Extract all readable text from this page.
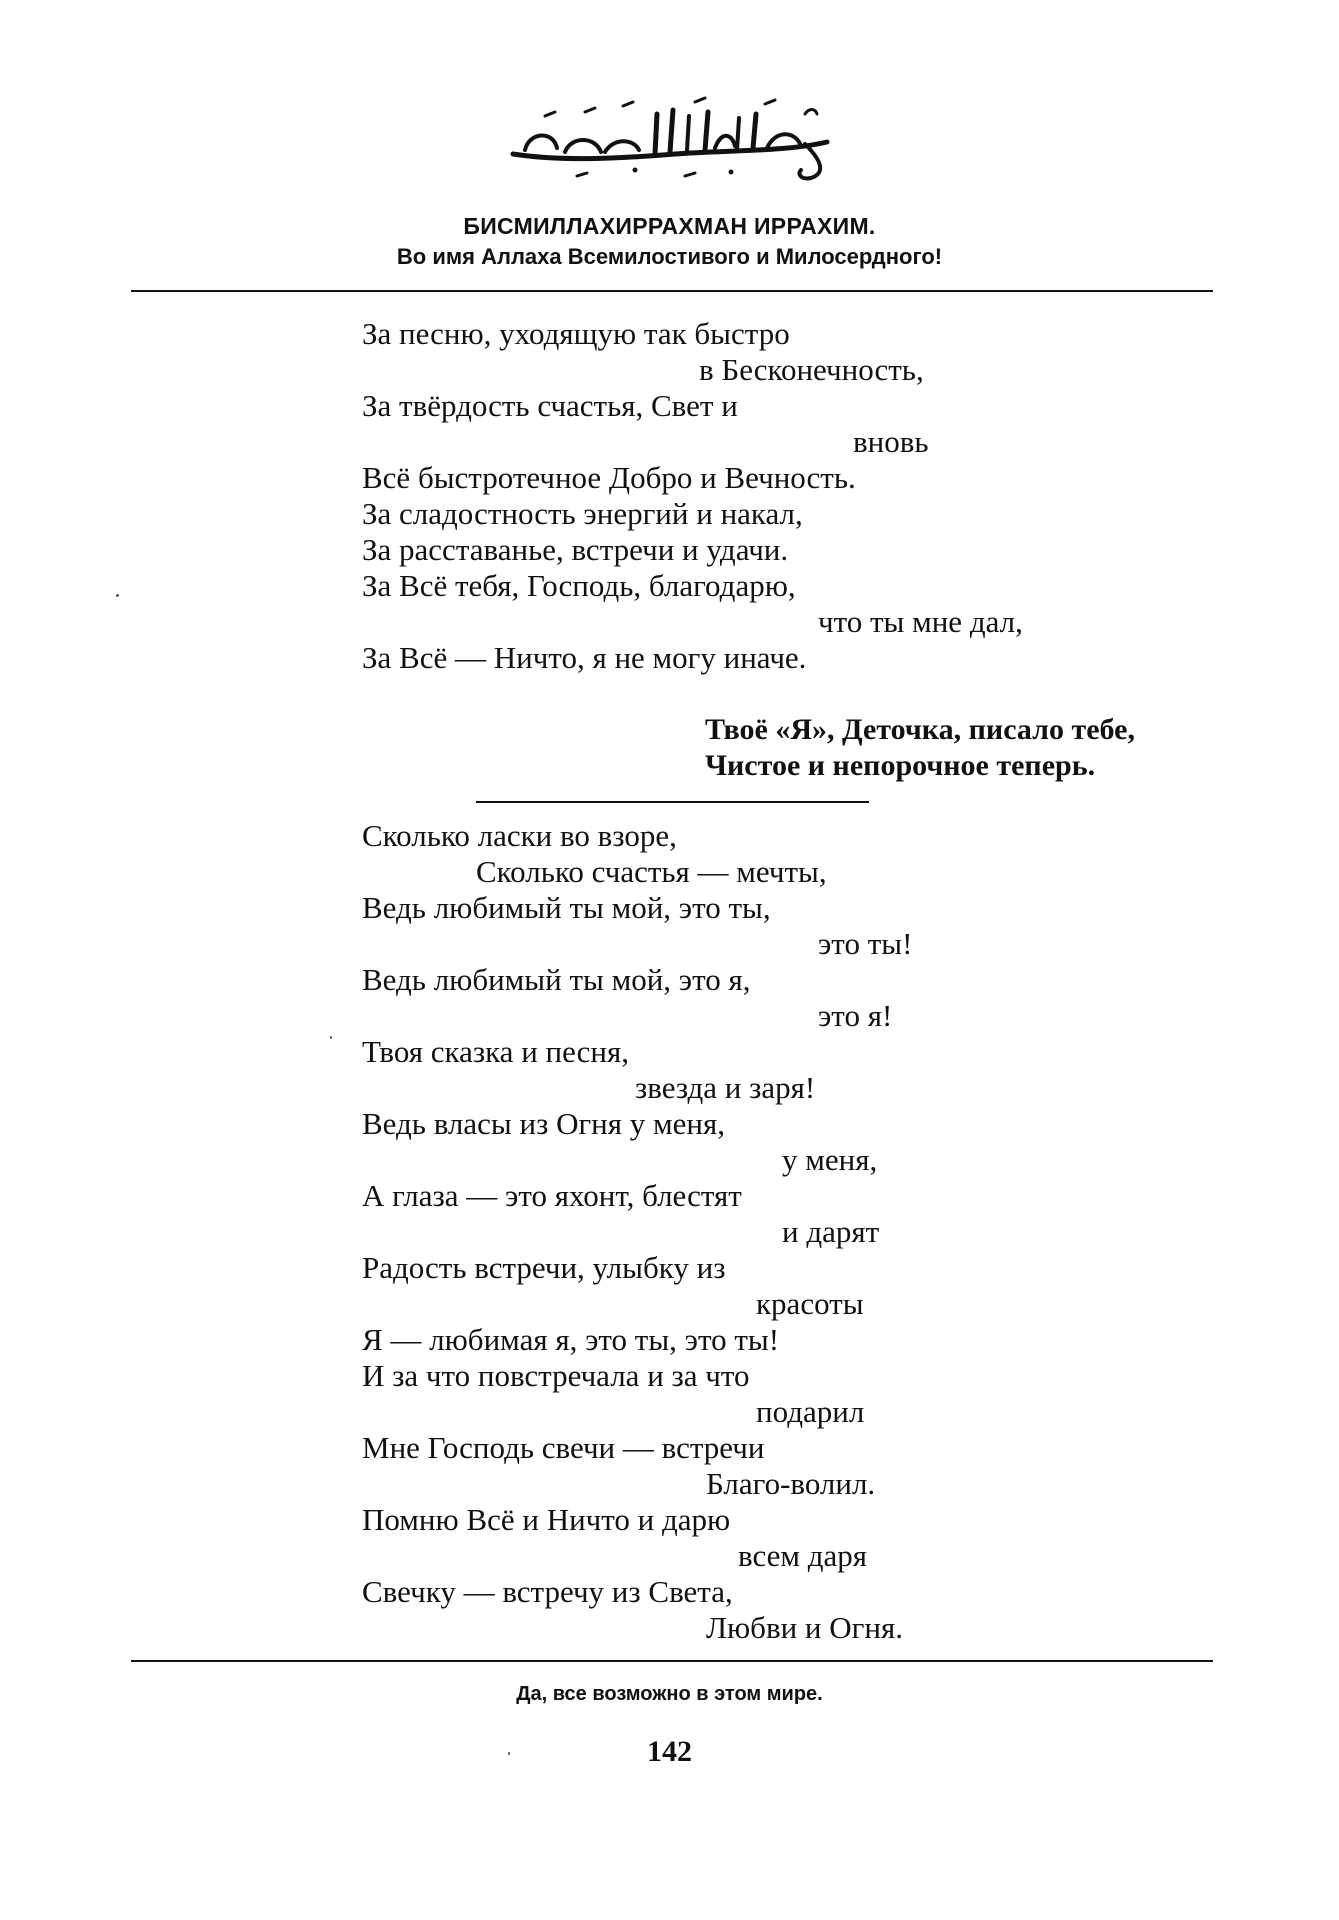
БИСМИЛЛАХИРРАХМАН ИРРАХИМ.
Во имя Аллаха Всемилостивого и Милосердного!
За песню, уходящую так быстро
в Бесконечность,
За твёрдость счастья, Свет и
вновь
Всё быстротечное Добро и Вечность.
За сладостность энергий и накал,
За расставанье, встречи и удачи.
За Всё тебя, Господь, благодарю,
что ты мне дал,
За Всё — Ничто, я не могу иначе.
Твоё «Я», Деточка, писало тебе,
Чистое и непорочное теперь.
Сколько ласки во взоре,
Сколько счастья — мечты,
Ведь любимый ты мой, это ты,
это ты!
Ведь любимый ты мой, это я,
это я!
Твоя сказка и песня,
звезда и заря!
Ведь власы из Огня у меня,
у меня,
А глаза — это яхонт, блестят
и дарят
Радость встречи, улыбку из
красоты
Я — любимая я, это ты, это ты!
И за что повстречала и за что
подарил
Мне Господь свечи — встречи
Благо-волил.
Помню Всё и Ничто и дарю
всем даря
Свечку — встречу из Света,
Любви и Огня.
Да, все возможно в этом мире.
142
